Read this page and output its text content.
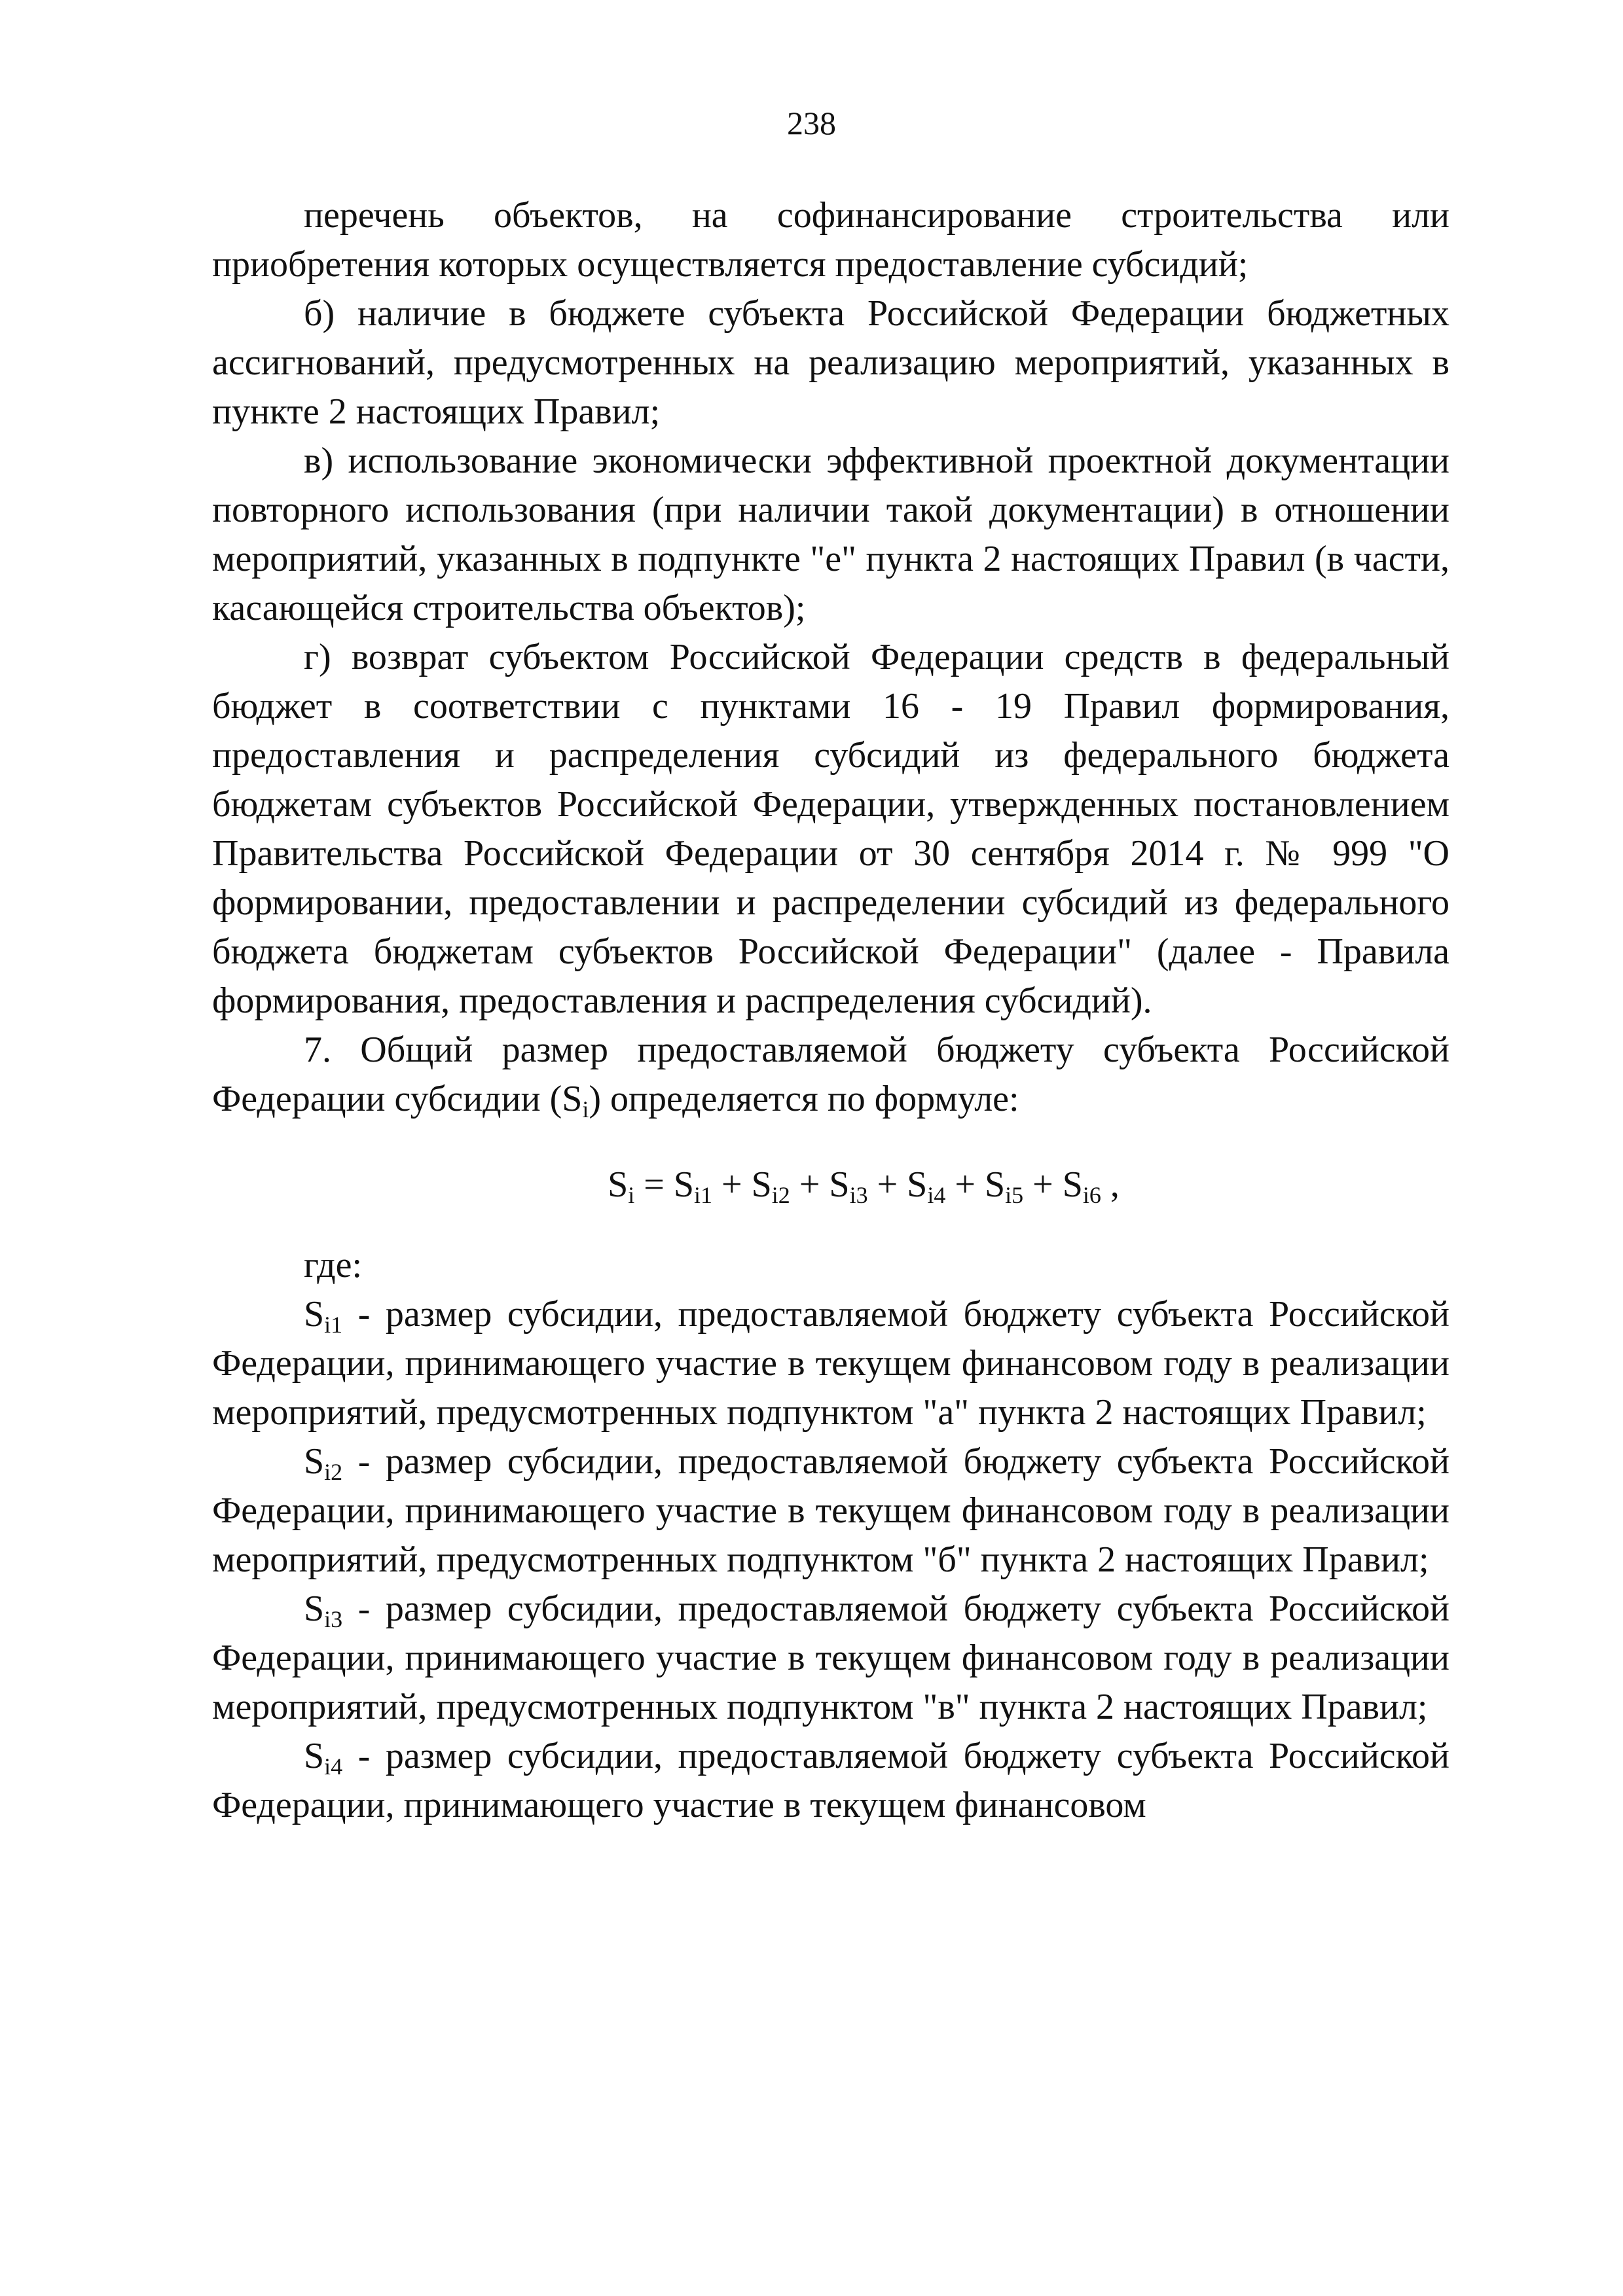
238

перечень объектов, на софинансирование строительства или приобретения которых осуществляется предоставление субсидий;

б) наличие в бюджете субъекта Российской Федерации бюджетных ассигнований, предусмотренных на реализацию мероприятий, указанных в пункте 2 настоящих Правил;

в) использование экономически эффективной проектной документации повторного использования (при наличии такой документации) в отношении мероприятий, указанных в подпункте "е" пункта 2 настоящих Правил (в части, касающейся строительства объектов);

г) возврат субъектом Российской Федерации средств в федеральный бюджет в соответствии с пунктами 16 - 19 Правил формирования, предоставления и распределения субсидий из федерального бюджета бюджетам субъектов Российской Федерации, утвержденных постановлением Правительства Российской Федерации от 30 сентября 2014 г. № 999 "О формировании, предоставлении и распределении субсидий из федерального бюджета бюджетам субъектов Российской Федерации" (далее - Правила формирования, предоставления и распределения субсидий).

7. Общий размер предоставляемой бюджету субъекта Российской Федерации субсидии $(S_i)$ определяется по формуле:

$S_i = S_{i1} + S_{i2} + S_{i3} + S_{i4} + S_{i5} + S_{i6}$ ,

где:

$S_{i1}$ - размер субсидии, предоставляемой бюджету субъекта Российской Федерации, принимающего участие в текущем финансовом году в реализации мероприятий, предусмотренных подпунктом "а" пункта 2 настоящих Правил;

$S_{i2}$ - размер субсидии, предоставляемой бюджету субъекта Российской Федерации, принимающего участие в текущем финансовом году в реализации мероприятий, предусмотренных подпунктом "б" пункта 2 настоящих Правил;

$S_{i3}$ - размер субсидии, предоставляемой бюджету субъекта Российской Федерации, принимающего участие в текущем финансовом году в реализации мероприятий, предусмотренных подпунктом "в" пункта 2 настоящих Правил;

$S_{i4}$ - размер субсидии, предоставляемой бюджету субъекта Российской Федерации, принимающего участие в текущем финансовом
